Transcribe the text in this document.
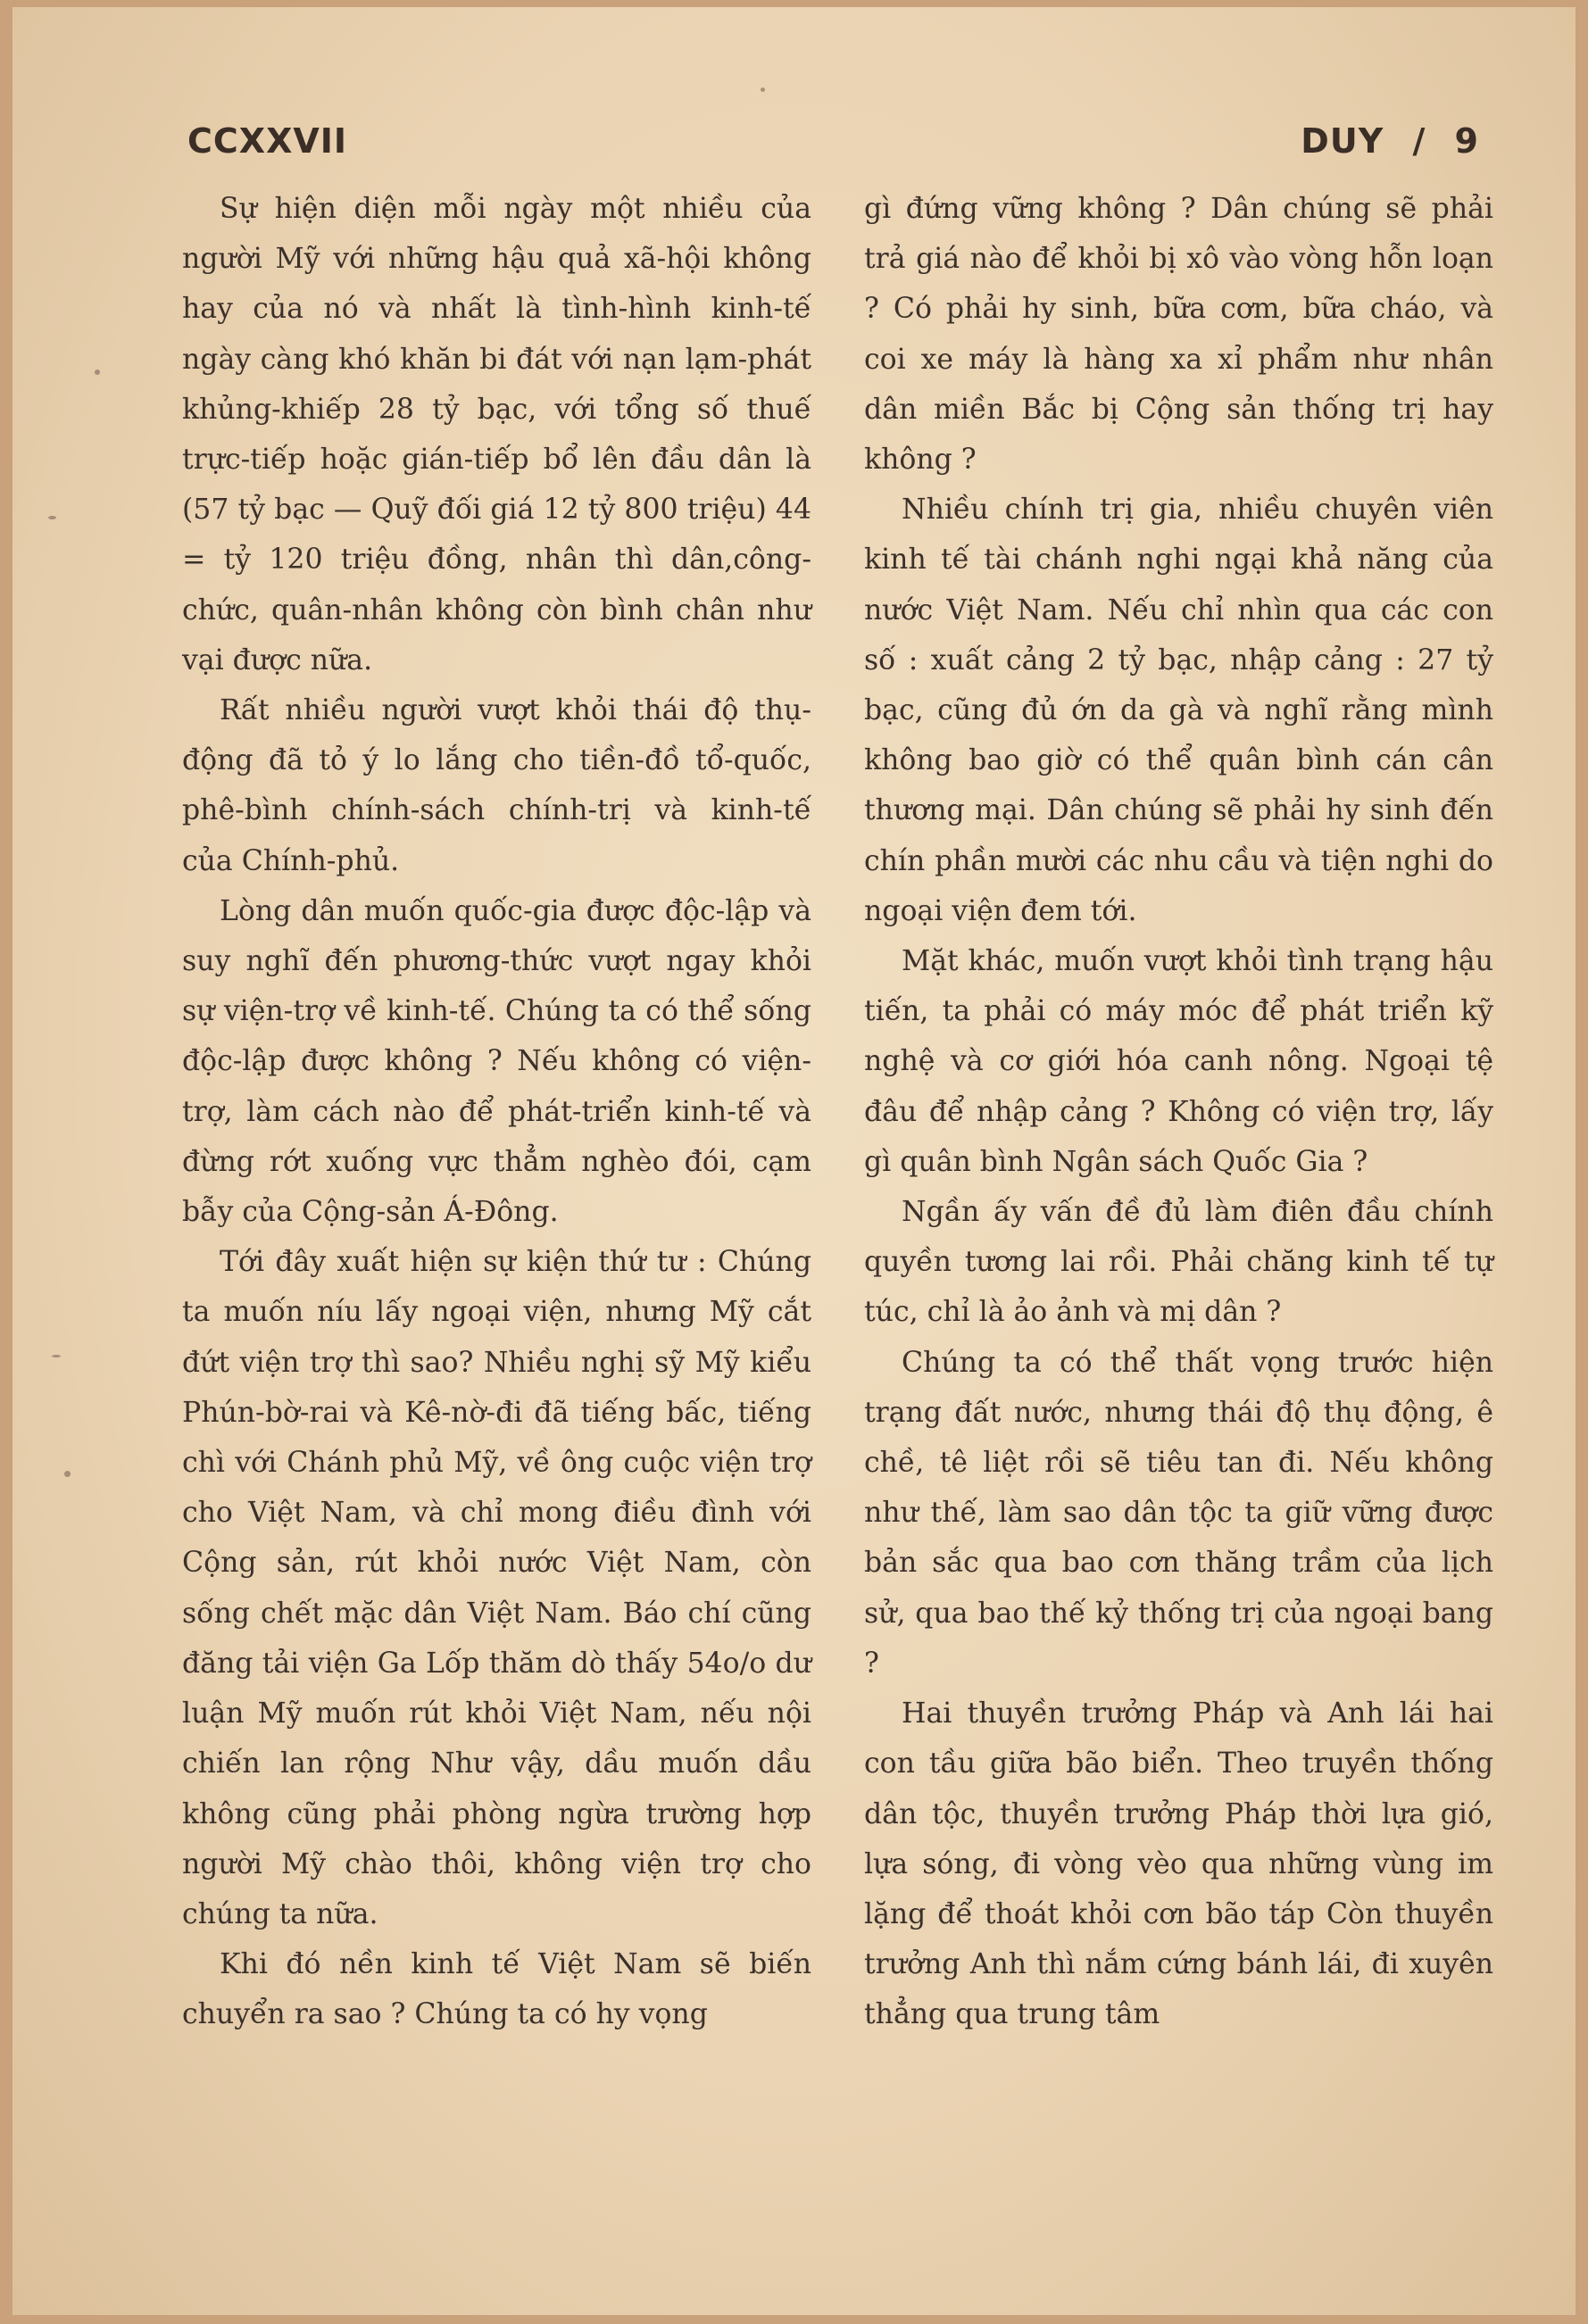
CCXXVII	DUY / 9

Sự hiện diện mỗi ngày một nhiều của người Mỹ với những hậu quả xã-hội không hay của nó và nhất là tình-hình kinh-tế ngày càng khó khăn bi đát với nạn lạm-phát khủng-khiếp 28 tỷ bạc, với tổng số thuế trực-tiếp hoặc gián-tiếp bổ lên đầu dân là (57 tỷ bạc — Quỹ đối giá 12 tỷ 800 triệu) 44 = tỷ 120 triệu đồng, nhân thì dân,công-chức, quân-nhân không còn bình chân như vại được nữa.

Rất nhiều người vượt khỏi thái độ thụ-động đã tỏ ý lo lắng cho tiền-đồ tổ-quốc, phê-bình chính-sách chính-trị và kinh-tế của Chính-phủ.

Lòng dân muốn quốc-gia được độc-lập và suy nghĩ đến phương-thức vượt ngay khỏi sự viện-trợ về kinh-tế. Chúng ta có thể sống độc-lập được không ? Nếu không có viện-trợ, làm cách nào để phát-triển kinh-tế và đừng rớt xuống vực thẳm nghèo đói, cạm bẫy của Cộng-sản Á-Đông.

Tới đây xuất hiện sự kiện thứ tư : Chúng ta muốn níu lấy ngoại viện, nhưng Mỹ cắt đứt viện trợ thì sao? Nhiều nghị sỹ Mỹ kiểu Phún-bờ-rai và Kê-nờ-đi đã tiếng bấc, tiếng chì với Chánh phủ Mỹ, về ông cuộc viện trợ cho Việt Nam, và chỉ mong điều đình với Cộng sản, rút khỏi nước Việt Nam, còn sống chết mặc dân Việt Nam. Báo chí cũng đăng tải viện Ga Lốp thăm dò thấy 54o/o dư luận Mỹ muốn rút khỏi Việt Nam, nếu nội chiến lan rộng Như vậy, dầu muốn dầu không cũng phải phòng ngừa trường hợp người Mỹ chào thôi, không viện trợ cho chúng ta nữa.

Khi đó nền kinh tế Việt Nam sẽ biến chuyển ra sao ? Chúng ta có hy vọng

gì đứng vững không ? Dân chúng sẽ phải trả giá nào để khỏi bị xô vào vòng hỗn loạn ? Có phải hy sinh, bữa cơm, bữa cháo, và coi xe máy là hàng xa xỉ phẩm như nhân dân miền Bắc bị Cộng sản thống trị hay không ?

Nhiều chính trị gia, nhiều chuyên viên kinh tế tài chánh nghi ngại khả năng của nước Việt Nam. Nếu chỉ nhìn qua các con số : xuất cảng 2 tỷ bạc, nhập cảng : 27 tỷ bạc, cũng đủ ớn da gà và nghĩ rằng mình không bao giờ có thể quân bình cán cân thương mại. Dân chúng sẽ phải hy sinh đến chín phần mười các nhu cầu và tiện nghi do ngoại viện đem tới.

Mặt khác, muốn vượt khỏi tình trạng hậu tiến, ta phải có máy móc để phát triển kỹ nghệ và cơ giới hóa canh nông. Ngoại tệ đâu để nhập cảng ? Không có viện trợ, lấy gì quân bình Ngân sách Quốc Gia ?

Ngần ấy vấn đề đủ làm điên đầu chính quyền tương lai rồi. Phải chăng kinh tế tự túc, chỉ là ảo ảnh và mị dân ?

Chúng ta có thể thất vọng trước hiện trạng đất nước, nhưng thái độ thụ động, ê chề, tê liệt rồi sẽ tiêu tan đi. Nếu không như thế, làm sao dân tộc ta giữ vững được bản sắc qua bao cơn thăng trầm của lịch sử, qua bao thế kỷ thống trị của ngoại bang ?

Hai thuyền trưởng Pháp và Anh lái hai con tầu giữa bão biển. Theo truyền thống dân tộc, thuyền trưởng Pháp thời lựa gió, lựa sóng, đi vòng vèo qua những vùng im lặng để thoát khỏi cơn bão táp Còn thuyền trưởng Anh thì nắm cứng bánh lái, đi xuyên thẳng qua trung tâm
